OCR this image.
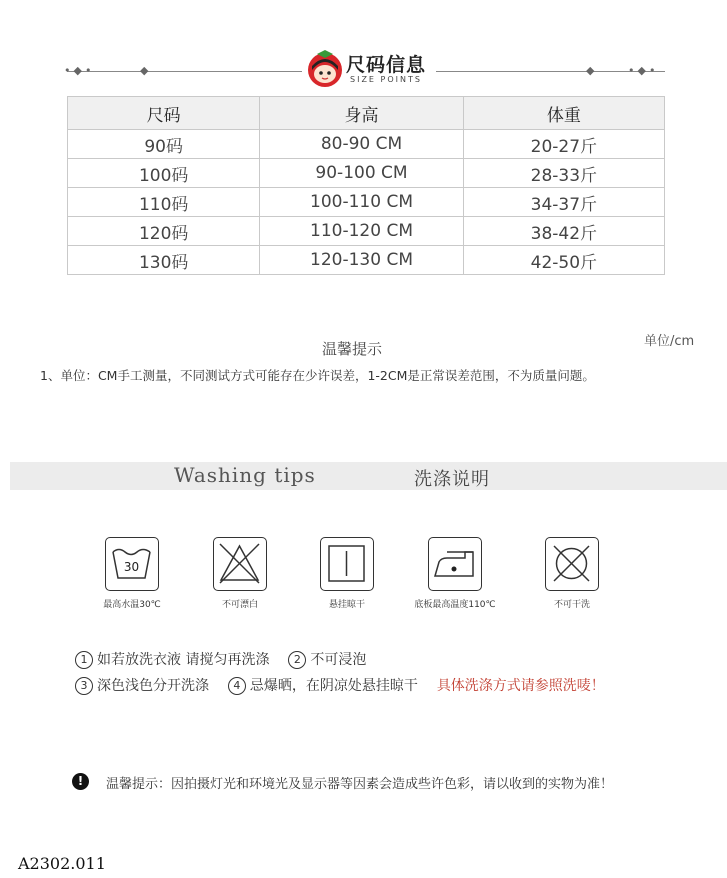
•◆•	•◆•
◆	◆
尺码信息
SIZE POINTS
尺码	身高	体重
90码	80-90 CM	20-27斤
100码	90-100 CM	28-33斤
110码	100-110 CM	34-37斤
120码	110-120 CM	38-42斤
130码	120-130 CM	42-50斤
单位/cm
温馨提示
1、单位：CM手工测量，不同测试方式可能存在少许误差，1-2CM是正常误差范围，不为质量问题。
Washing tips	洗涤说明
30
最高水温30℃	不可漂白	悬挂晾干	底板最高温度110℃	不可干洗
1 如若放洗衣液 请搅匀再洗涤 2 不可浸泡
3 深色浅色分开洗涤 4 忌爆晒，在阴凉处悬挂晾干 具体洗涤方式请参照洗唛！
!	温馨提示：因拍摄灯光和环境光及显示器等因素会造成些许色彩，请以收到的实物为准！
A2302.011
